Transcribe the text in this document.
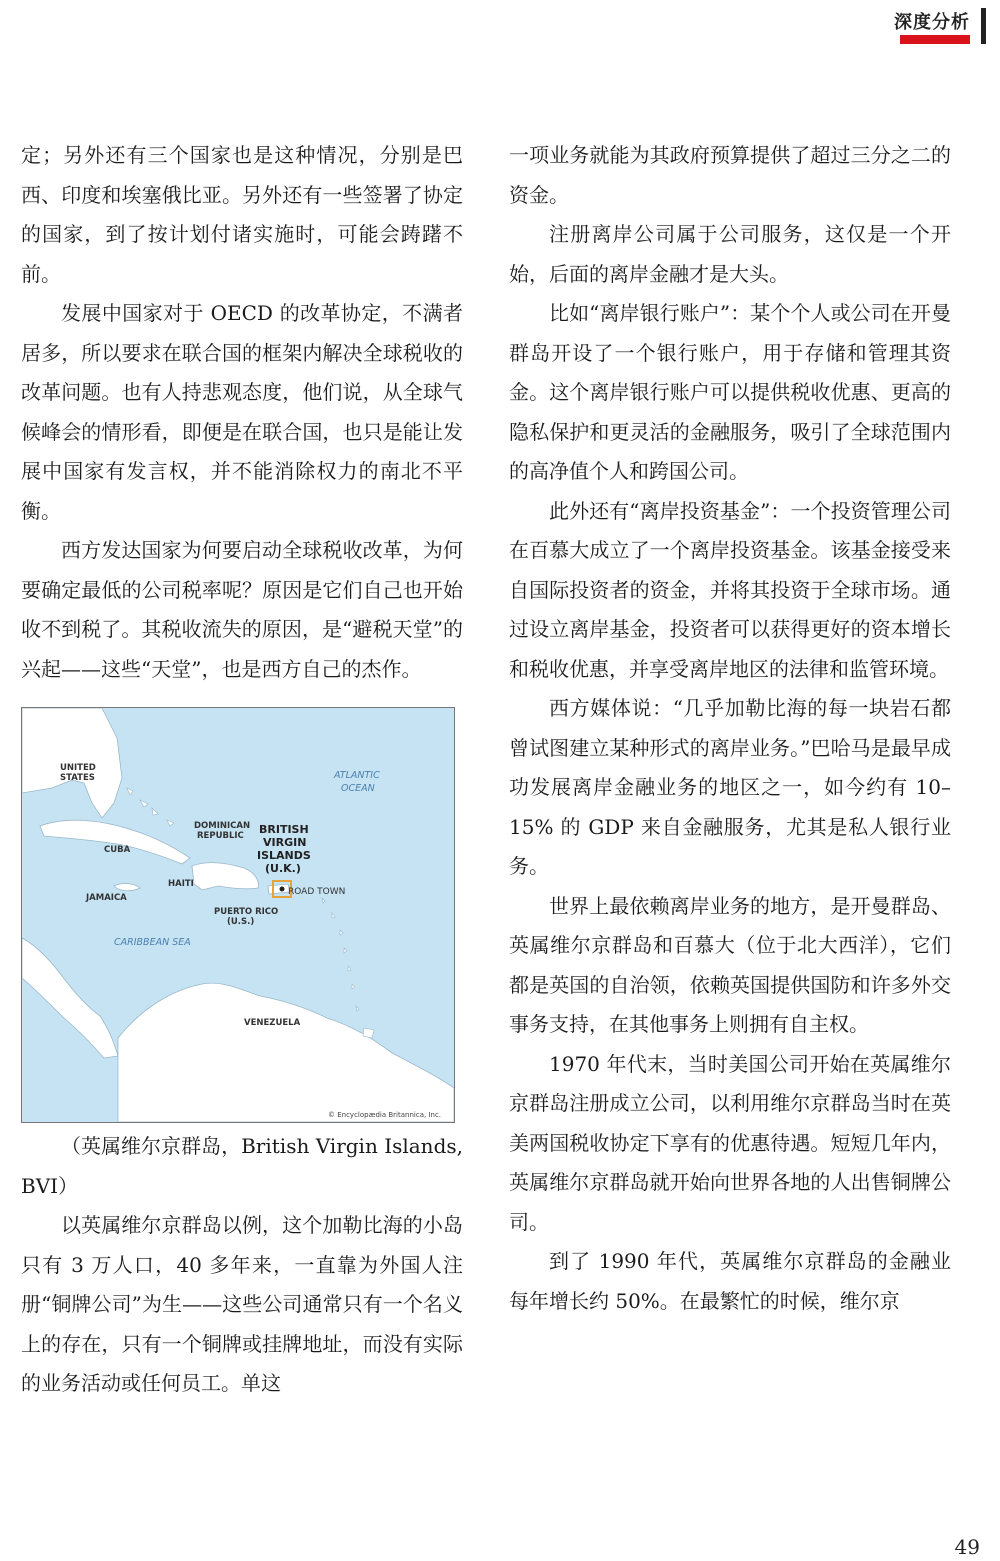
深度分析

定；另外还有三个国家也是这种情况，分别是巴西、印度和埃塞俄比亚。另外还有一些签署了协定的国家，到了按计划付诸实施时，可能会踌躇不前。

发展中国家对于 OECD 的改革协定，不满者居多，所以要求在联合国的框架内解决全球税收的改革问题。也有人持悲观态度，他们说，从全球气候峰会的情形看，即便是在联合国，也只是能让发展中国家有发言权，并不能消除权力的南北不平衡。

西方发达国家为何要启动全球税收改革，为何要确定最低的公司税率呢？原因是它们自己也开始收不到税了。其税收流失的原因，是“避税天堂”的兴起——这些“天堂”，也是西方自己的杰作。

UNITED STATES
CUBA
JAMAICA
HAITI
DOMINICAN REPUBLIC
PUERTO RICO (U.S.)
VENEZUELA
BRITISH VIRGIN ISLANDS (U.K.)
ROAD TOWN
ATLANTIC OCEAN
CARIBBEAN SEA
© Encyclopædia Britannica, Inc.

（英属维尔京群岛，British Virgin Islands, BVI）

以英属维尔京群岛以例，这个加勒比海的小岛只有 3 万人口，40 多年来，一直靠为外国人注册“铜牌公司”为生——这些公司通常只有一个名义上的存在，只有一个铜牌或挂牌地址，而没有实际的业务活动或任何员工。单这

一项业务就能为其政府预算提供了超过三分之二的资金。

注册离岸公司属于公司服务，这仅是一个开始，后面的离岸金融才是大头。

比如“离岸银行账户”：某个个人或公司在开曼群岛开设了一个银行账户，用于存储和管理其资金。这个离岸银行账户可以提供税收优惠、更高的隐私保护和更灵活的金融服务，吸引了全球范围内的高净值个人和跨国公司。

此外还有“离岸投资基金”：一个投资管理公司在百慕大成立了一个离岸投资基金。该基金接受来自国际投资者的资金，并将其投资于全球市场。通过设立离岸基金，投资者可以获得更好的资本增长和税收优惠，并享受离岸地区的法律和监管环境。

西方媒体说：“几乎加勒比海的每一块岩石都曾试图建立某种形式的离岸业务。”巴哈马是最早成功发展离岸金融业务的地区之一，如今约有 10–15% 的 GDP 来自金融服务，尤其是私人银行业务。

世界上最依赖离岸业务的地方，是开曼群岛、英属维尔京群岛和百慕大（位于北大西洋），它们都是英国的自治领，依赖英国提供国防和许多外交事务支持，在其他事务上则拥有自主权。

1970 年代末，当时美国公司开始在英属维尔京群岛注册成立公司，以利用维尔京群岛当时在英美两国税收协定下享有的优惠待遇。短短几年内，英属维尔京群岛就开始向世界各地的人出售铜牌公司。

到了 1990 年代，英属维尔京群岛的金融业每年增长约 50%。在最繁忙的时候，维尔京

49
